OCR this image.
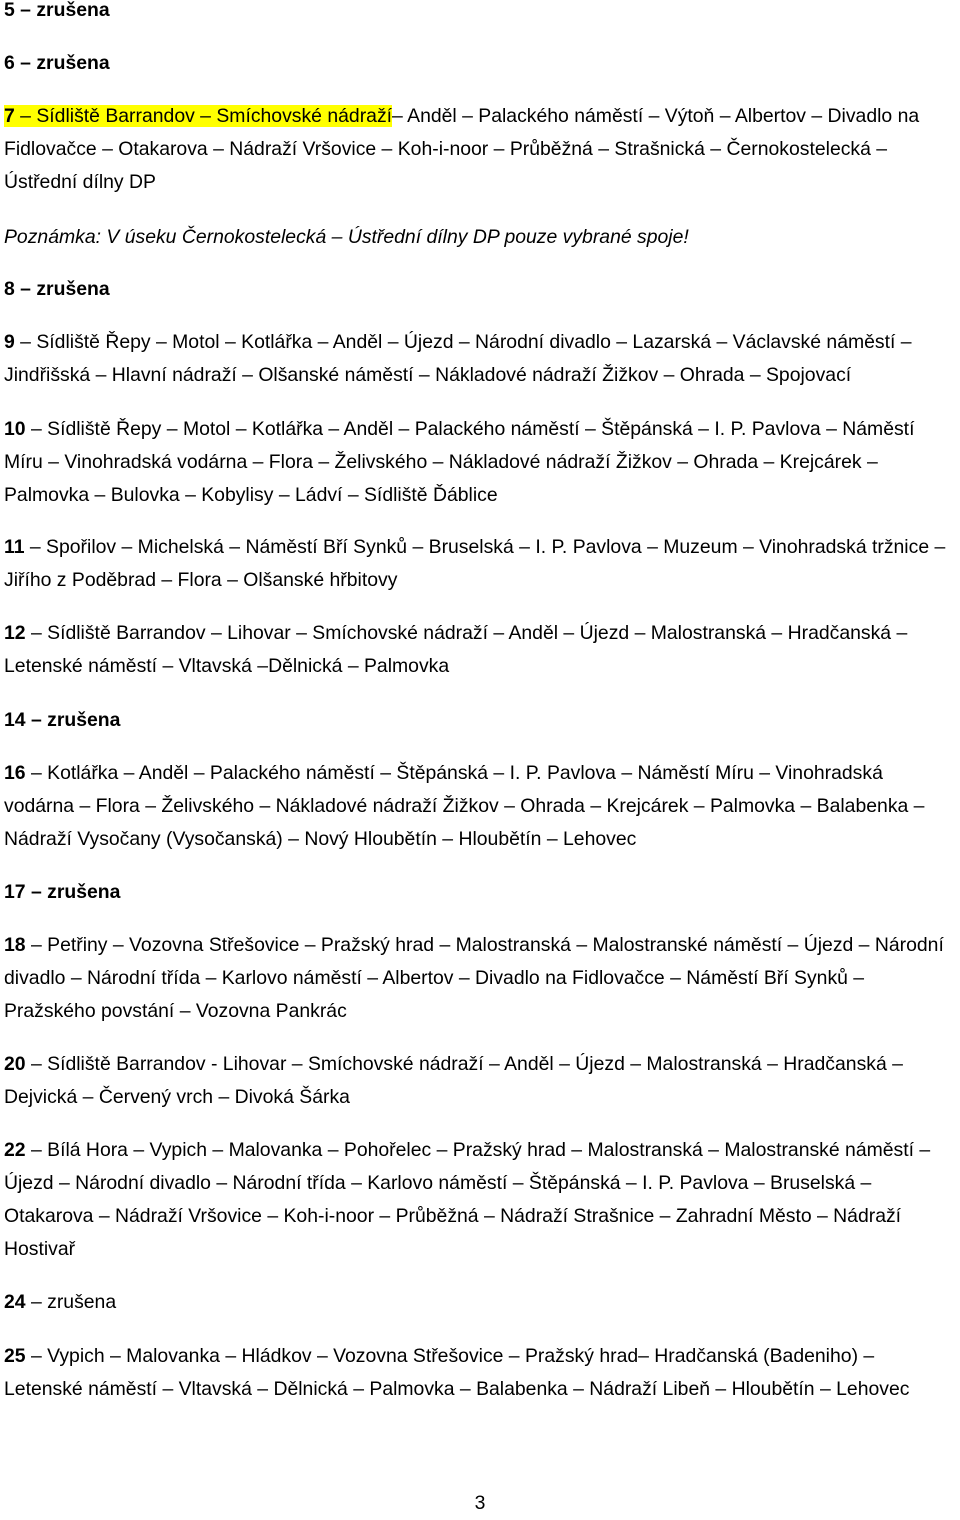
5 – zrušena

6 – zrušena

7 – Sídliště Barrandov – Smíchovské nádraží– Anděl – Palackého náměstí – Výtoň – Albertov – Divadlo na Fidlovačce – Otakarova – Nádraží Vršovice – Koh-i-noor – Průběžná – Strašnická – Černokostelecká – Ústřední dílny DP

Poznámka: V úseku Černokostelecká – Ústřední dílny DP pouze vybrané spoje!

8 – zrušena

9 – Sídliště Řepy – Motol – Kotlářka – Anděl – Újezd – Národní divadlo – Lazarská – Václavské náměstí – Jindřišská – Hlavní nádraží – Olšanské náměstí – Nákladové nádraží Žižkov – Ohrada – Spojovací

10 – Sídliště Řepy – Motol – Kotlářka – Anděl – Palackého náměstí – Štěpánská – I. P. Pavlova – Náměstí Míru – Vinohradská vodárna – Flora – Želivského – Nákladové nádraží Žižkov – Ohrada – Krejcárek – Palmovka – Bulovka – Kobylisy – Ládví – Sídliště Ďáblice

11 – Spořilov – Michelská – Náměstí Bří Synků – Bruselská – I. P. Pavlova – Muzeum – Vinohradská tržnice – Jiřího z Poděbrad – Flora – Olšanské hřbitovy

12 – Sídliště Barrandov – Lihovar – Smíchovské nádraží – Anděl – Újezd – Malostranská – Hradčanská – Letenské náměstí – Vltavská –Dělnická – Palmovka

14 – zrušena

16 – Kotlářka – Anděl – Palackého náměstí – Štěpánská – I. P. Pavlova – Náměstí Míru – Vinohradská vodárna – Flora – Želivského – Nákladové nádraží Žižkov – Ohrada – Krejcárek – Palmovka – Balabenka – Nádraží Vysočany (Vysočanská) – Nový Hloubětín – Hloubětín – Lehovec

17 – zrušena

18 – Petřiny – Vozovna Střešovice – Pražský hrad – Malostranská – Malostranské náměstí – Újezd – Národní divadlo – Národní třída – Karlovo náměstí – Albertov – Divadlo na Fidlovačce – Náměstí Bří Synků – Pražského povstání – Vozovna Pankrác

20 – Sídliště Barrandov - Lihovar – Smíchovské nádraží – Anděl – Újezd – Malostranská – Hradčanská – Dejvická – Červený vrch – Divoká Šárka

22 – Bílá Hora – Vypich – Malovanka – Pohořelec – Pražský hrad – Malostranská – Malostranské náměstí – Újezd – Národní divadlo – Národní třída – Karlovo náměstí – Štěpánská – I. P. Pavlova – Bruselská – Otakarova – Nádraží Vršovice – Koh-i-noor – Průběžná – Nádraží Strašnice – Zahradní Město – Nádraží Hostivař

24 – zrušena

25 – Vypich – Malovanka – Hládkov – Vozovna Střešovice – Pražský hrad– Hradčanská (Badeniho) – Letenské náměstí – Vltavská – Dělnická – Palmovka – Balabenka – Nádraží Libeň – Hloubětín – Lehovec

3
